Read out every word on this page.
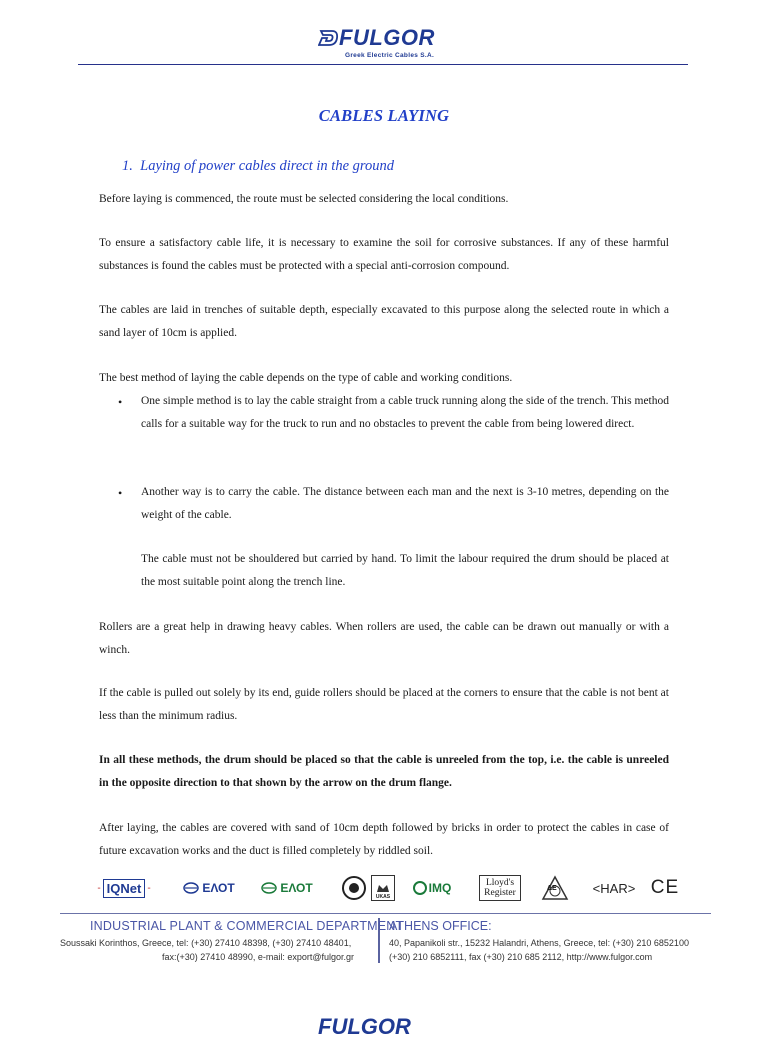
FULGOR
Greek Electric Cables S.A.
CABLES LAYING
1. Laying of power cables direct in the ground
Before laying is commenced, the route must be selected considering the local conditions.
To ensure a satisfactory cable life, it is necessary to examine the soil for corrosive substances. If any of these harmful substances is found the cables must be protected with a special anti-corrosion compound.
The cables are laid in trenches of suitable depth, especially excavated to this purpose along the selected route in which a sand layer of 10cm is applied.
The best method of laying the cable depends on the type of cable and working conditions.
• One simple method is to lay the cable straight from a cable truck running along the side of the trench. This method calls for a suitable way for the truck to run and no obstacles to prevent the cable from being lowered direct.
• Another way is to carry the cable. The distance between each man and the next is 3-10 metres, depending on the weight of the cable.
The cable must not be shouldered but carried by hand. To limit the labour required the drum should be placed at the most suitable point along the trench line.
Rollers are a great help in drawing heavy cables. When rollers are used, the cable can be drawn out manually or with a winch.
If the cable is pulled out solely by its end, guide rollers should be placed at the corners to ensure that the cable is not bent at less than the minimum radius.
In all these methods, the drum should be placed so that the cable is unreeled from the top, i.e. the cable is unreeled in the opposite direction to that shown by the arrow on the drum flange.
After laying, the cables are covered with sand of 10cm depth followed by bricks in order to protect the cables in case of future excavation works and the duct is filled completely by riddled soil.
- IQNet -	ΕΛΟΤ	ΕΛΟΤ
UKAS
IMQ	Lloyd's Register	ΔΕ	<HAR> CE
INDUSTRIAL PLANT & COMMERCIAL DEPARTMENT
Soussaki Korinthos, Greece, tel: (+30) 27410 48398, (+30) 27410 48401,
fax:(+30) 27410 48990, e-mail: export@fulgor.gr
ATHENS OFFICE:
40, Papanikoli str., 15232 Halandri, Athens, Greece, tel: (+30) 210 6852100
(+30) 210 6852111, fax (+30) 210 685 2112, http://www.fulgor.com
FULGOR
